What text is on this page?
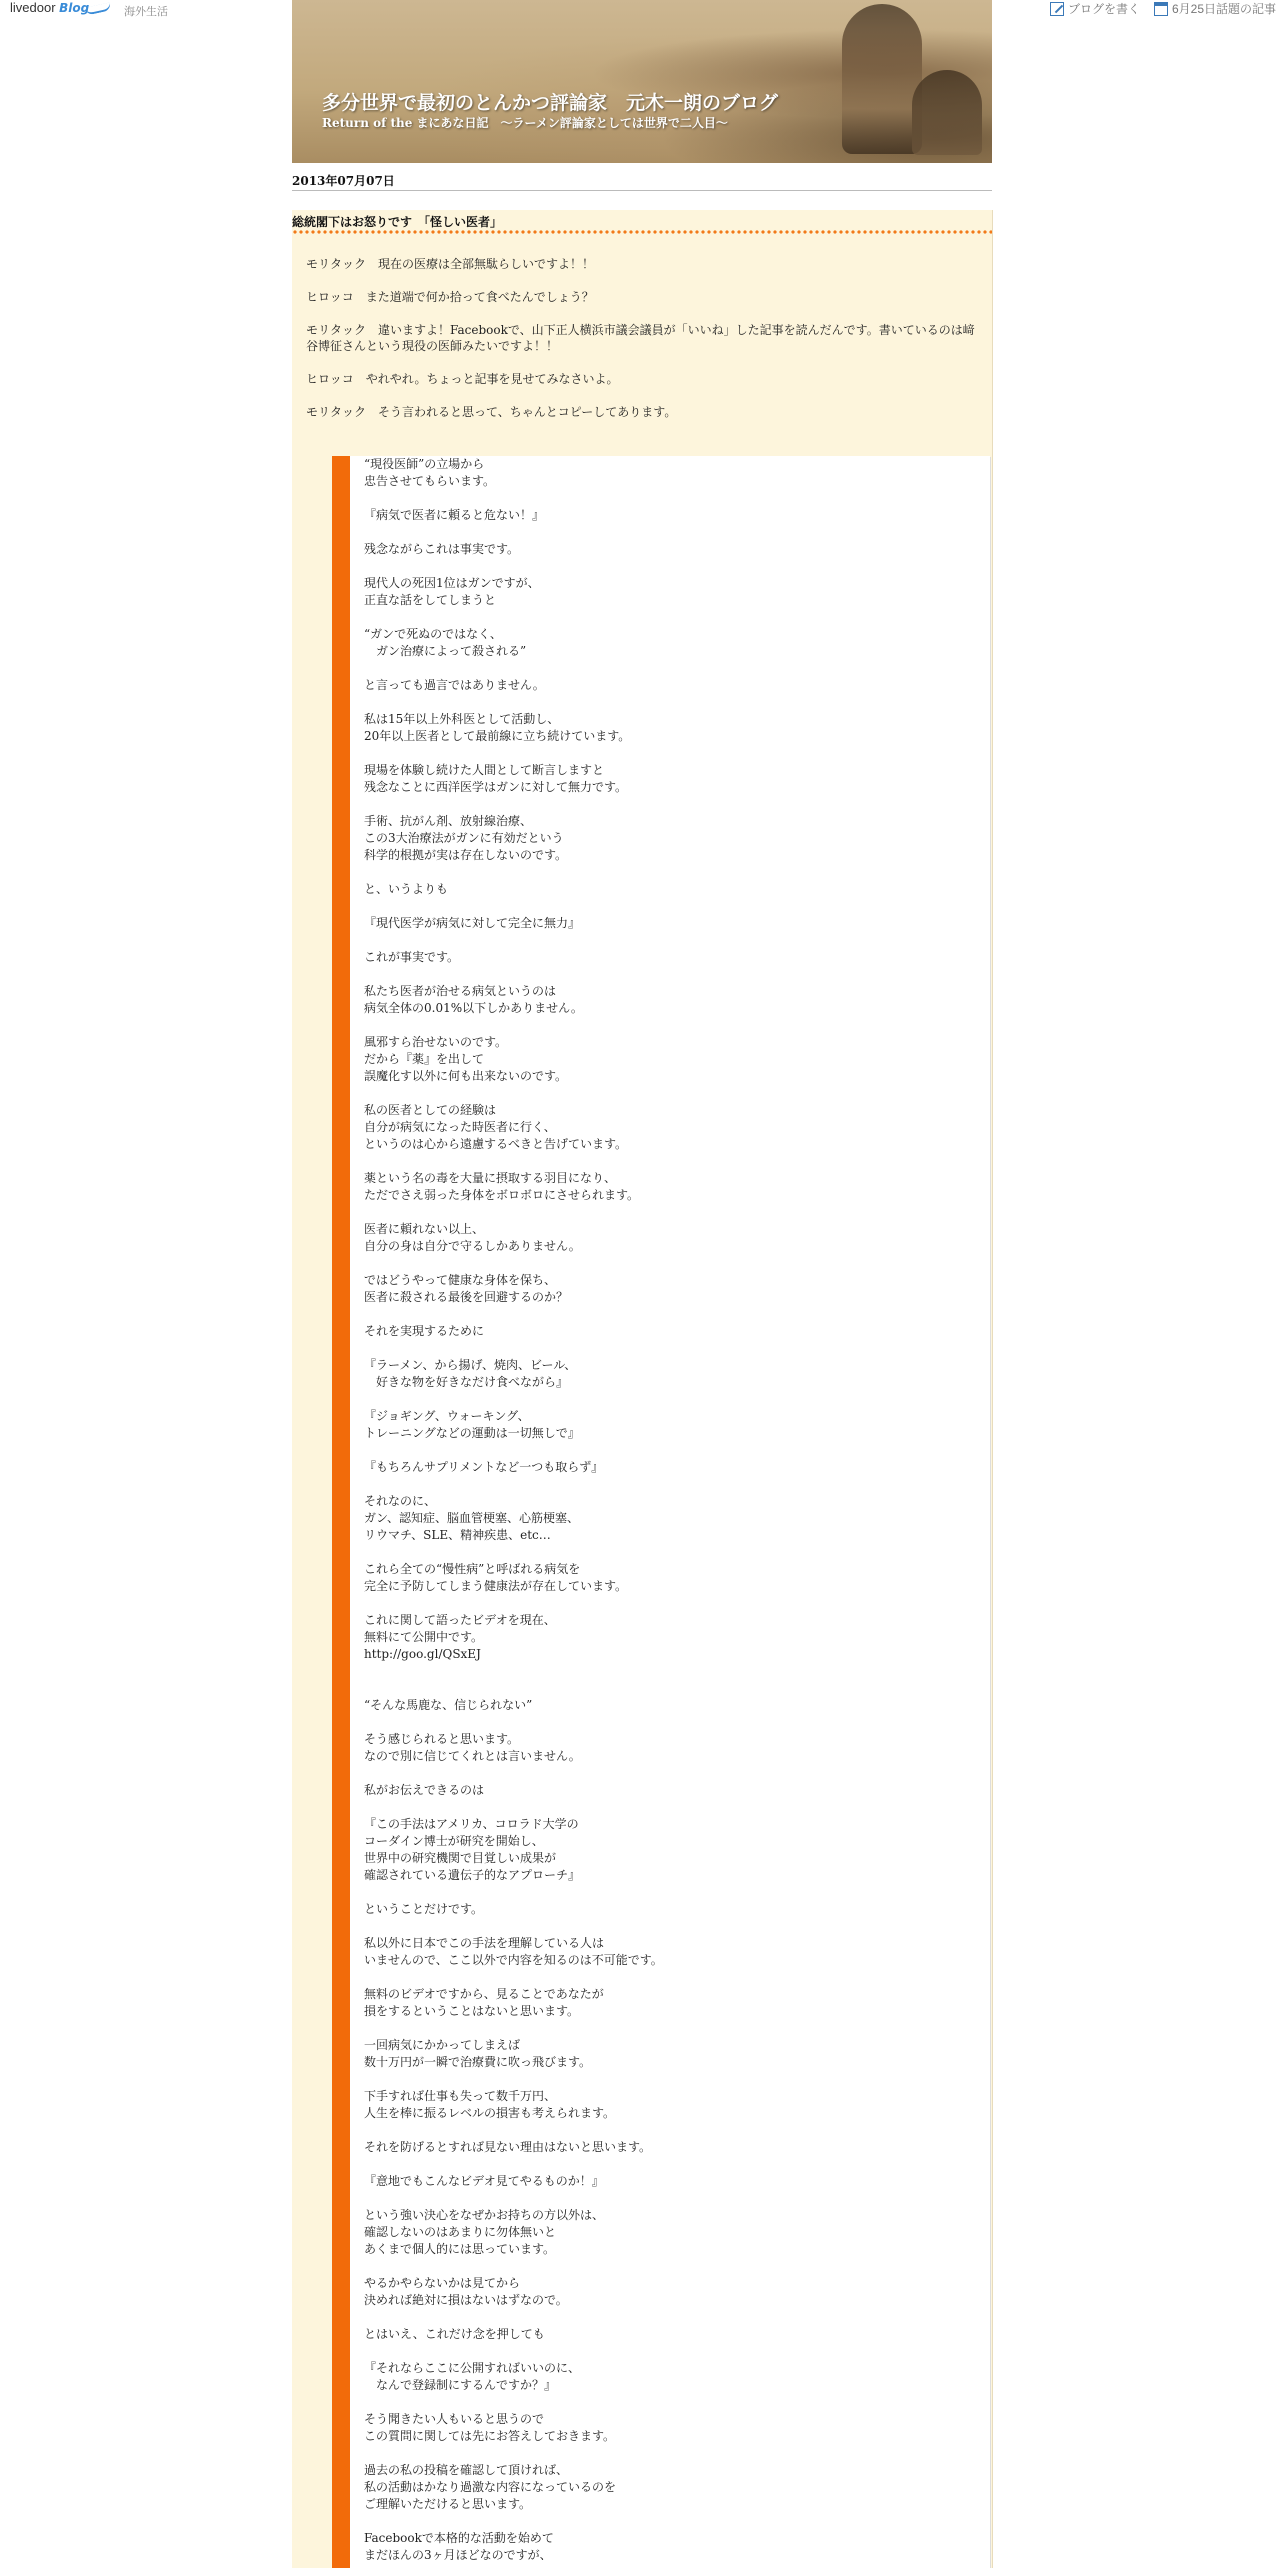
livedoor Blog	海外生活	ブログを書く	6月25日話題の記事
多分世界で最初のとんかつ評論家　元木一朗のブログ
Return of the まにあな日記　～ラーメン評論家としては世界で二人目～
2013年07月07日
総統閣下はお怒りです　「怪しい医者」

モリタック　現在の医療は全部無駄らしいですよ！！

ヒロッコ　また道端で何か拾って食べたんでしょう？

モリタック　違いますよ！Facebookで、山下正人横浜市議会議員が「いいね」した記事を読んだんです。書いているのは﨑谷博征さんという現役の医師みたいですよ！！

ヒロッコ　やれやれ。ちょっと記事を見せてみなさいよ。

モリタック　そう言われると思って、ちゃんとコピーしてあります。

“現役医師”の立場から
忠告させてもらいます。

『病気で医者に頼ると危ない！』

残念ながらこれは事実です。

現代人の死因1位はガンですが、
正直な話をしてしまうと

“ガンで死ぬのではなく、
　ガン治療によって殺される”

と言っても過言ではありません。

私は15年以上外科医として活動し、
20年以上医者として最前線に立ち続けています。

現場を体験し続けた人間として断言しますと
残念なことに西洋医学はガンに対して無力です。

手術、抗がん剤、放射線治療、
この3大治療法がガンに有効だという
科学的根拠が実は存在しないのです。

と、いうよりも

『現代医学が病気に対して完全に無力』

これが事実です。

私たち医者が治せる病気というのは
病気全体の0.01%以下しかありません。

風邪すら治せないのです。
だから『薬』を出して
誤魔化す以外に何も出来ないのです。

私の医者としての経験は
自分が病気になった時医者に行く、
というのは心から遠慮するべきと告げています。

薬という名の毒を大量に摂取する羽目になり、
ただでさえ弱った身体をボロボロにさせられます。

医者に頼れない以上、
自分の身は自分で守るしかありません。

ではどうやって健康な身体を保ち、
医者に殺される最後を回避するのか？

それを実現するために

『ラーメン、から揚げ、焼肉、ビール、
　好きな物を好きなだけ食べながら』

『ジョギング、ウォーキング、
トレーニングなどの運動は一切無しで』

『もちろんサプリメントなど一つも取らず』

それなのに、
ガン、認知症、脳血管梗塞、心筋梗塞、
リウマチ、SLE、精神疾患、etc…

これら全ての“慢性病”と呼ばれる病気を
完全に予防してしまう健康法が存在しています。

これに関して語ったビデオを現在、
無料にて公開中です。
http://goo.gl/QSxEJ

“そんな馬鹿な、信じられない”

そう感じられると思います。
なので別に信じてくれとは言いません。

私がお伝えできるのは

『この手法はアメリカ、コロラド大学の
コーダイン博士が研究を開始し、
世界中の研究機関で目覚しい成果が
確認されている遺伝子的なアプローチ』

ということだけです。

私以外に日本でこの手法を理解している人は
いませんので、ここ以外で内容を知るのは不可能です。

無料のビデオですから、見ることであなたが
損をするということはないと思います。

一回病気にかかってしまえば
数十万円が一瞬で治療費に吹っ飛びます。

下手すれば仕事も失って数千万円、
人生を棒に振るレベルの損害も考えられます。

それを防げるとすれば見ない理由はないと思います。

『意地でもこんなビデオ見てやるものか！』

という強い決心をなぜかお持ちの方以外は、
確認しないのはあまりに勿体無いと
あくまで個人的には思っています。

やるかやらないかは見てから
決めれば絶対に損はないはずなので。

とはいえ、これだけ念を押しても

『それならここに公開すればいいのに、
　なんで登録制にするんですか？』

そう聞きたい人もいると思うので
この質問に関しては先にお答えしておきます。

過去の私の投稿を確認して頂ければ、
私の活動はかなり過激な内容になっているのを
ご理解いただけると思います。

Facebookで本格的な活動を始めて
まだほんの3ヶ月ほどなのですが、
